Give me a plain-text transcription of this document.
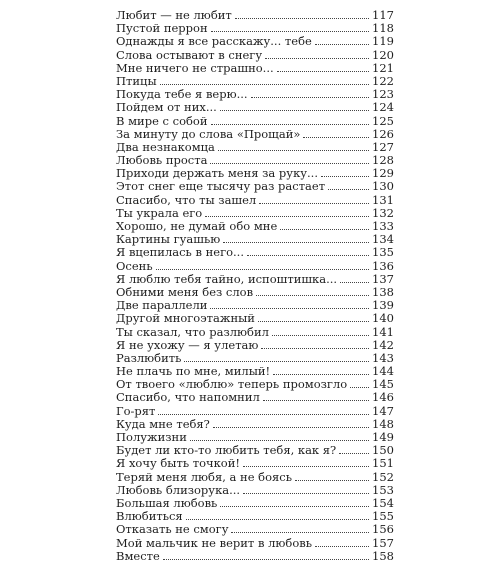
Любит — не любит	117
Пустой перрон	118
Однажды я все расскажу... тебе	119
Слова остывают в снегу	120
Мне ничего не страшно...	121
Птицы	122
Покуда тебе я верю...	123
Пойдем от них...	124
В мире с собой	125
За минуту до слова «Прощай»	126
Два незнакомца	127
Любовь проста	128
Приходи держать меня за руку...	129
Этот снег еще тысячу раз растает	130
Спасибо, что ты зашел	131
Ты украла его	132
Хорошо, не думай обо мне	133
Картины гуашью	134
Я вцепилась в него...	135
Осень	136
Я люблю тебя тайно, испоштишка...	137
Обними меня без слов	138
Две параллели	139
Другой многоэтажный	140
Ты сказал, что разлюбил	141
Я не ухожу — я улетаю	142
Разлюбить	143
Не плачь по мне, милый!	144
От твоего «люблю» теперь промозгло 145
Спасибо, что напомнил	146
Го-рят	147
Куда мне тебя?	148
Полужизни	149
Будет ли кто-то любить тебя, как я?	150
Я хочу быть точкой!	151
Теряй меня любя, а не боясь	152
Любовь близорука...	153
Большая любовь	154
Влюбиться	155
Отказать не смогу	156
Мой мальчик не верит в любовь	157
Вместе	158
